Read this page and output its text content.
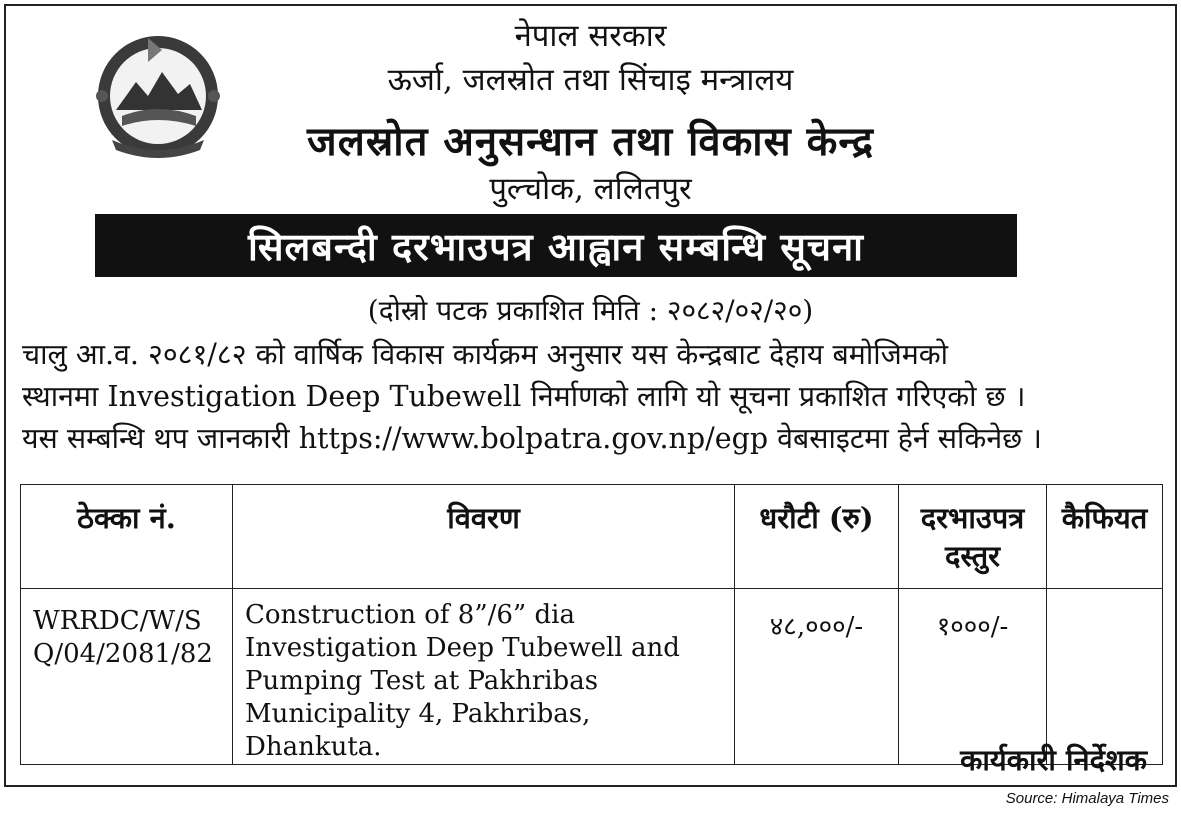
नेपाल सरकार
ऊर्जा, जलस्रोत तथा सिंचाइ मन्त्रालय
जलस्रोत अनुसन्धान तथा विकास केन्द्र
पुल्चोक, ललितपुर
सिलबन्दी दरभाउपत्र आह्वान सम्बन्धि सूचना
(दोस्रो पटक प्रकाशित मिति : २०८२/०२/२०)

चालु आ.व. २०८१/८२ को वार्षिक विकास कार्यक्रम अनुसार यस केन्द्रबाट देहाय बमोजिमको

स्थानमा Investigation Deep Tubewell निर्माणको लागि यो सूचना प्रकाशित गरिएको छ ।

यस सम्बन्धि थप जानकारी https://www.bolpatra.gov.np/egp वेबसाइटमा हेर्न सकिनेछ ।

ठेक्का नं.	विवरण	धरौटी (रु)	दरभाउपत्र दस्तुर	कैफियत
WRRDC/W/SQ/04/2081/82	Construction of 8”/6” dia Investigation Deep Tubewell and Pumping Test at Pakhribas Municipality 4, Pakhribas, Dhankuta.	४८,०००/-	१०००/-	
कार्यकारी निर्देशक
Source: Himalaya Times
